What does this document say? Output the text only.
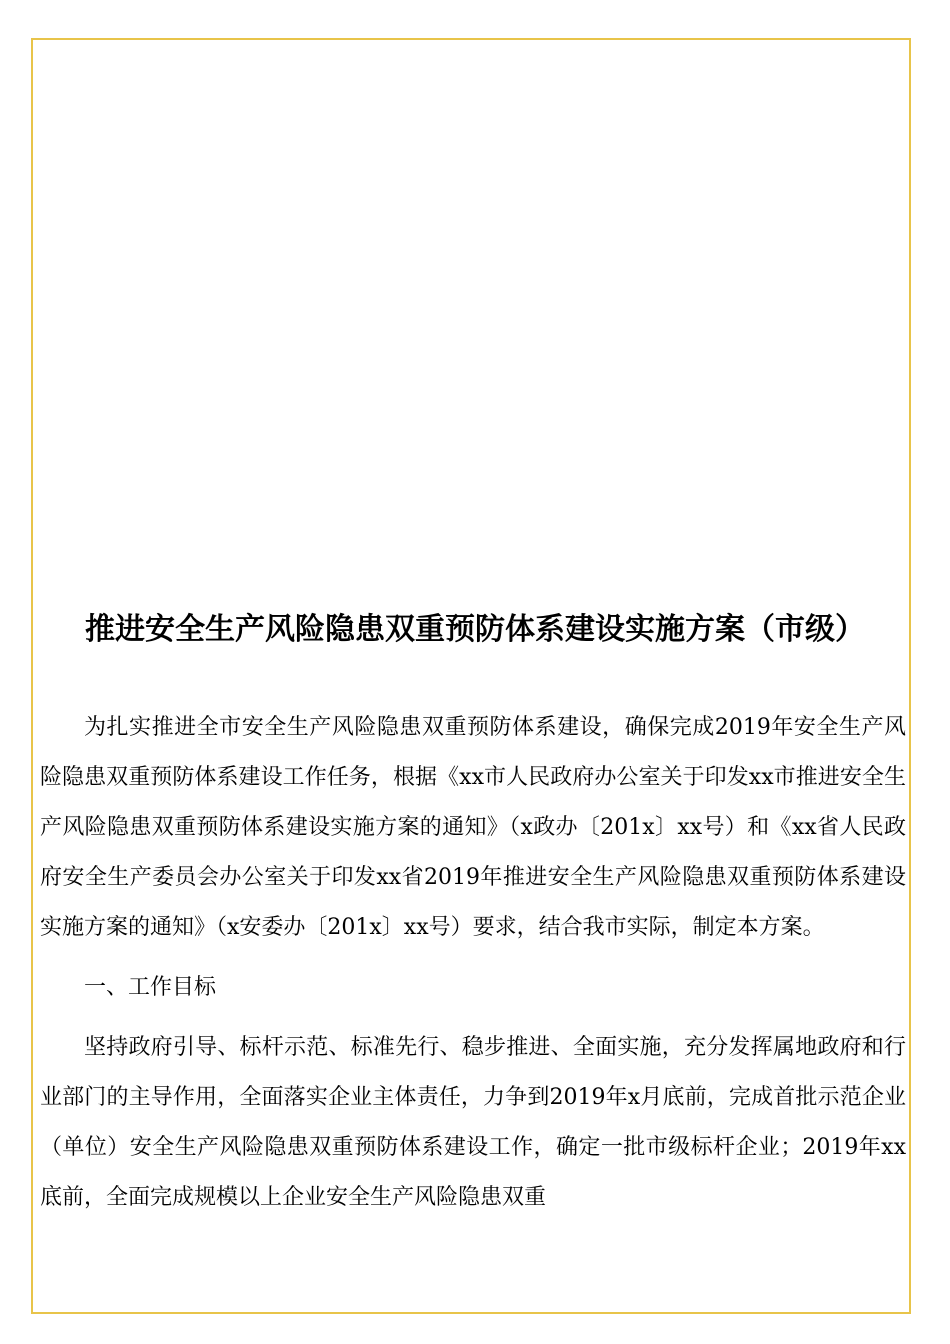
推进安全生产风险隐患双重预防体系建设实施方案（市级）

为扎实推进全市安全生产风险隐患双重预防体系建设，确保完成2019年安全生产风险隐患双重预防体系建设工作任务，根据《xx市人民政府办公室关于印发xx市推进安全生产风险隐患双重预防体系建设实施方案的通知》（x政办〔201x〕xx号）和《xx省人民政府安全生产委员会办公室关于印发xx省2019年推进安全生产风险隐患双重预防体系建设实施方案的通知》（x安委办〔201x〕xx号）要求，结合我市实际，制定本方案。

一、工作目标

坚持政府引导、标杆示范、标准先行、稳步推进、全面实施，充分发挥属地政府和行业部门的主导作用，全面落实企业主体责任，力争到2019年x月底前，完成首批示范企业（单位）安全生产风险隐患双重预防体系建设工作，确定一批市级标杆企业；2019年xx底前，全面完成规模以上企业安全生产风险隐患双重
